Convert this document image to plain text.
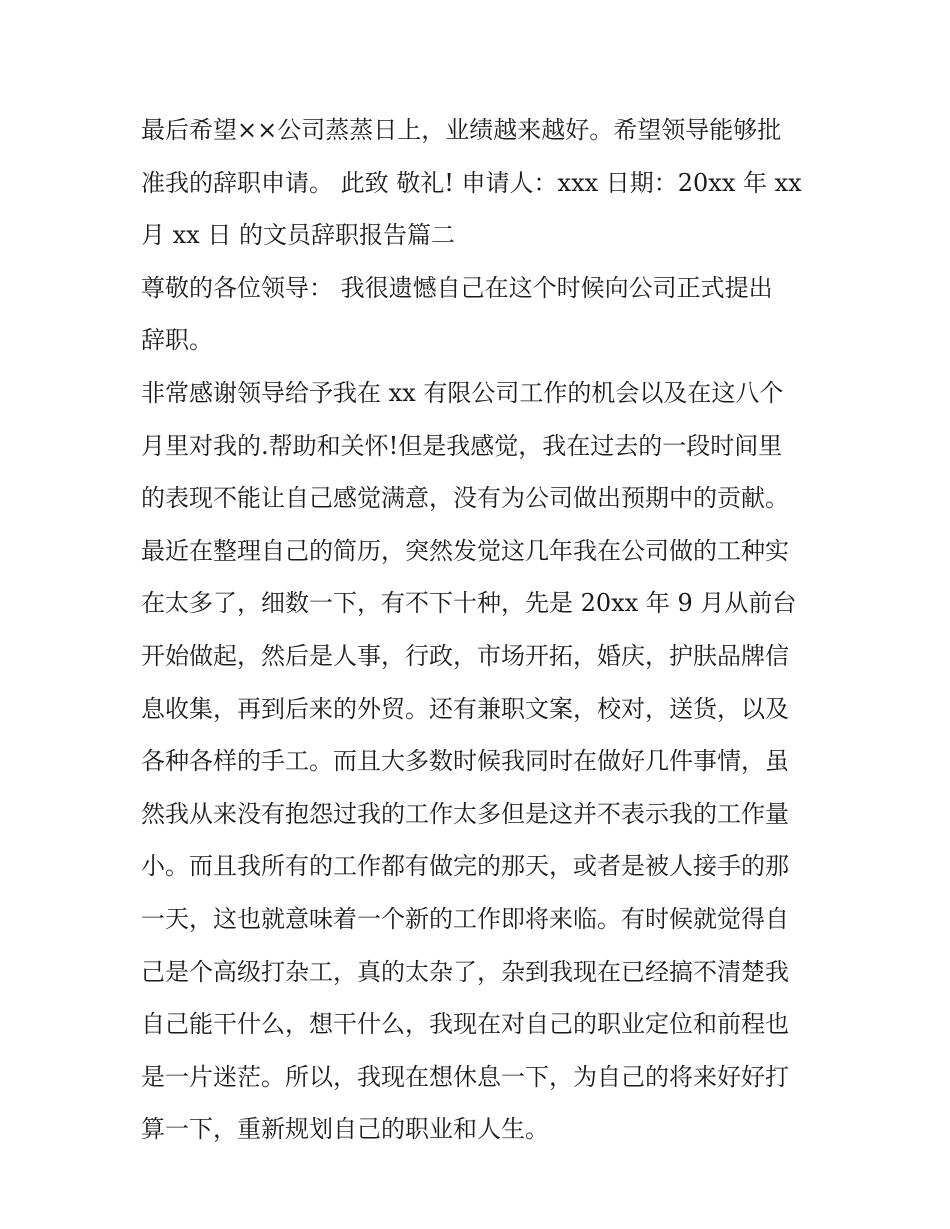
最后希望××公司蒸蒸日上，业绩越来越好。希望领导能够批
准我的辞职申请。 此致 敬礼! 申请人：xxx 日期：20xx 年 xx
月 xx 日 的文员辞职报告篇二
尊敬的各位领导： 我很遗憾自己在这个时候向公司正式提出
辞职。
非常感谢领导给予我在 xx 有限公司工作的机会以及在这八个
月里对我的.帮助和关怀!但是我感觉，我在过去的一段时间里
的表现不能让自己感觉满意，没有为公司做出预期中的贡献。
最近在整理自己的简历，突然发觉这几年我在公司做的工种实
在太多了，细数一下，有不下十种，先是 20xx 年 9 月从前台
开始做起，然后是人事，行政，市场开拓，婚庆，护肤品牌信
息收集，再到后来的外贸。还有兼职文案，校对，送货，以及
各种各样的手工。而且大多数时候我同时在做好几件事情，虽
然我从来没有抱怨过我的工作太多但是这并不表示我的工作量
小。而且我所有的工作都有做完的那天，或者是被人接手的那
一天，这也就意味着一个新的工作即将来临。有时候就觉得自
己是个高级打杂工，真的太杂了，杂到我现在已经搞不清楚我
自己能干什么，想干什么，我现在对自己的职业定位和前程也
是一片迷茫。所以，我现在想休息一下，为自己的将来好好打
算一下，重新规划自己的职业和人生。
